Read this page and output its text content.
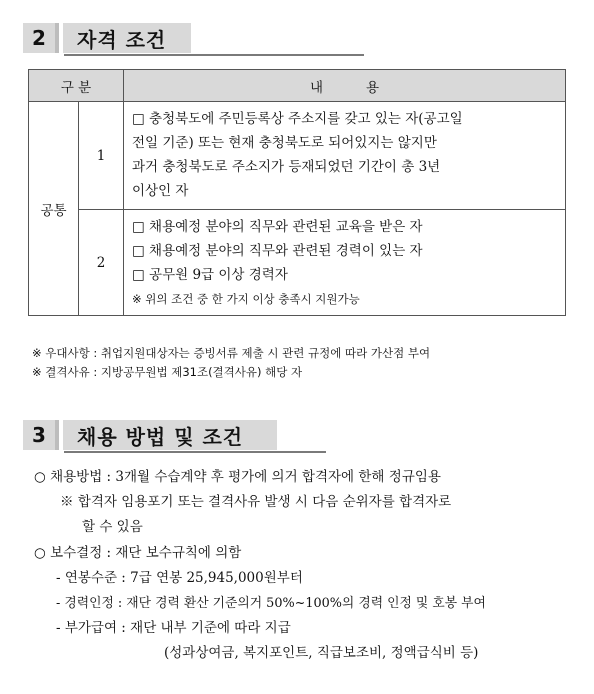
2	자격 조건
구 분		내          용
공통	1	□ 충청북도에 주민등록상 주소지를 갖고 있는 자(공고일
전일 기준) 또는 현재 충청북도로 되어있지는 않지만
과거 충청북도로 주소지가 등재되었던 기간이 총 3년
이상인 자

	2	□ 채용예정 분야의 직무와 관련된 교육을 받은 자
□ 채용예정 분야의 직무와 관련된 경력이 있는 자
□ 공무원 9급 이상 경력자
※ 위의 조건 중 한 가지 이상 충족시 지원가능
※ 우대사항 : 취업지원대상자는 증빙서류 제출 시 관련 규정에 따라 가산점 부여
※ 결격사유 : 지방공무원법 제31조(결격사유) 해당 자
3	채용 방법 및 조건
○ 채용방법 : 3개월 수습계약 후 평가에 의거 합격자에 한해 정규임용
※ 합격자 임용포기 또는 결격사유 발생 시 다음 순위자를 합격자로
할 수 있음
○ 보수결정 : 재단 보수규칙에 의함
- 연봉수준 : 7급 연봉 25,945,000원부터
- 경력인정 : 재단 경력 환산 기준의거 50%~100%의 경력 인정 및 호봉 부여
- 부가급여 : 재단 내부 기준에 따라 지급
(성과상여금, 복지포인트, 직급보조비, 정액급식비 등)
